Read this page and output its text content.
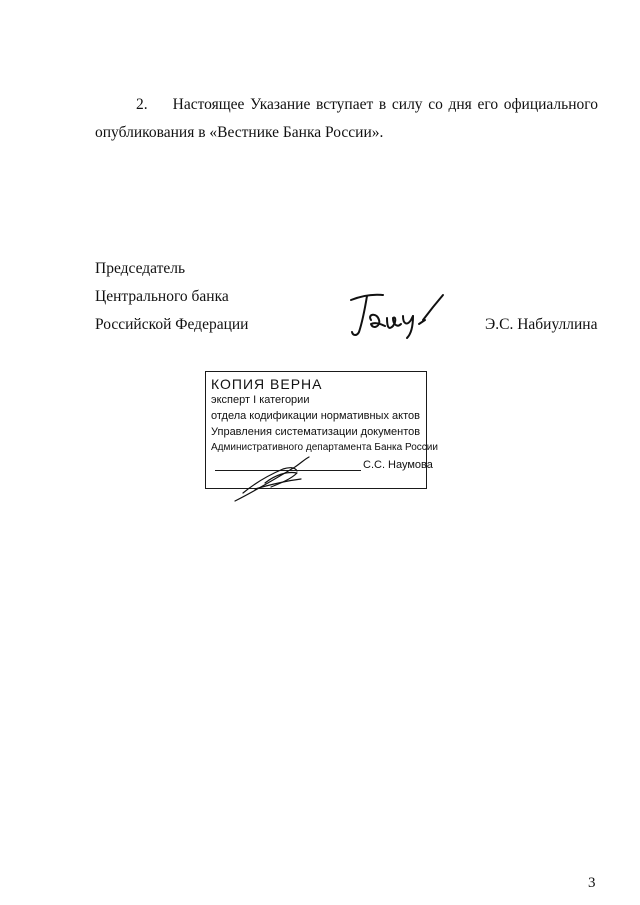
2. Настоящее Указание вступает в силу со дня его официального
опубликования в «Вестнике Банка России».
Председатель
Центрального банка
Российской Федерации	Э.С. Набиуллина
КОПИЯ ВЕРНА
эксперт I категории
отдела кодификации нормативных актов
Управления систематизации документов
Административного департамента Банка России
С.С. Наумова
3
